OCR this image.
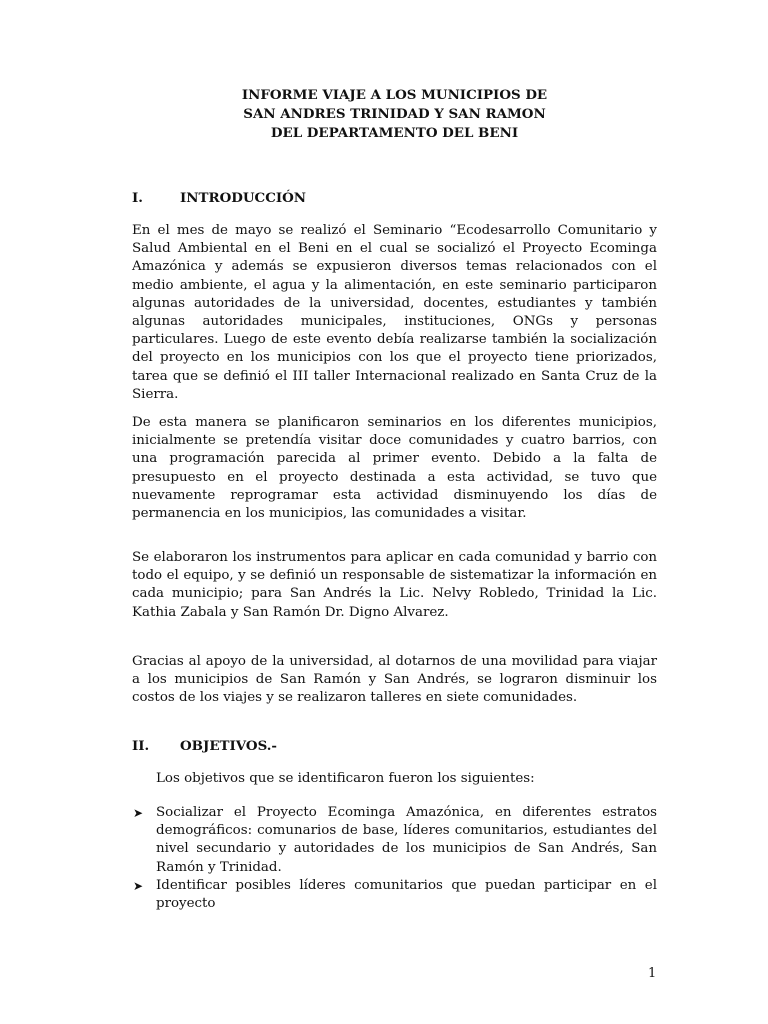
INFORME VIAJE A LOS MUNICIPIOS DE
SAN ANDRES TRINIDAD Y SAN RAMON
DEL DEPARTAMENTO DEL BENI
I.	INTRODUCCIÓN

En el mes de mayo se realizó el Seminario “Ecodesarrollo Comunitario y Salud Ambiental en el Beni en el cual se socializó el Proyecto Ecominga Amazónica y además se expusieron diversos temas relacionados con el medio ambiente, el agua y la alimentación, en este seminario participaron algunas autoridades de la universidad, docentes, estudiantes y también algunas autoridades municipales, instituciones, ONGs y personas particulares. Luego de este evento debía realizarse también la socialización del proyecto en los municipios con los que el proyecto tiene priorizados, tarea que se definió el III taller Internacional realizado en Santa Cruz de la Sierra.

De esta manera se planificaron seminarios en los diferentes municipios, inicialmente se pretendía visitar doce comunidades y cuatro barrios, con una programación parecida al primer evento. Debido a la falta de presupuesto en el proyecto destinada a esta actividad, se tuvo que nuevamente reprogramar esta actividad disminuyendo los días de permanencia en los municipios, las comunidades a visitar.

Se elaboraron los instrumentos para aplicar en cada comunidad y barrio con todo el equipo, y se definió un responsable de sistematizar la información en cada municipio; para San Andrés la Lic. Nelvy Robledo, Trinidad la Lic. Kathia Zabala y San Ramón Dr. Digno Alvarez.

Gracias al apoyo de la universidad, al dotarnos de una movilidad para viajar a los municipios de San Ramón y San Andrés, se lograron disminuir los costos de los viajes y se realizaron talleres en siete comunidades.

II. OBJETIVOS.-
Los objetivos que se identificaron fueron los siguientes:
➤ Socializar el Proyecto Ecominga Amazónica, en diferentes estratos demográficos: comunarios de base, líderes comunitarios, estudiantes del nivel secundario y autoridades de los municipios de San Andrés, San Ramón y Trinidad.
➤ Identificar posibles líderes comunitarios que puedan participar en el proyecto
1
